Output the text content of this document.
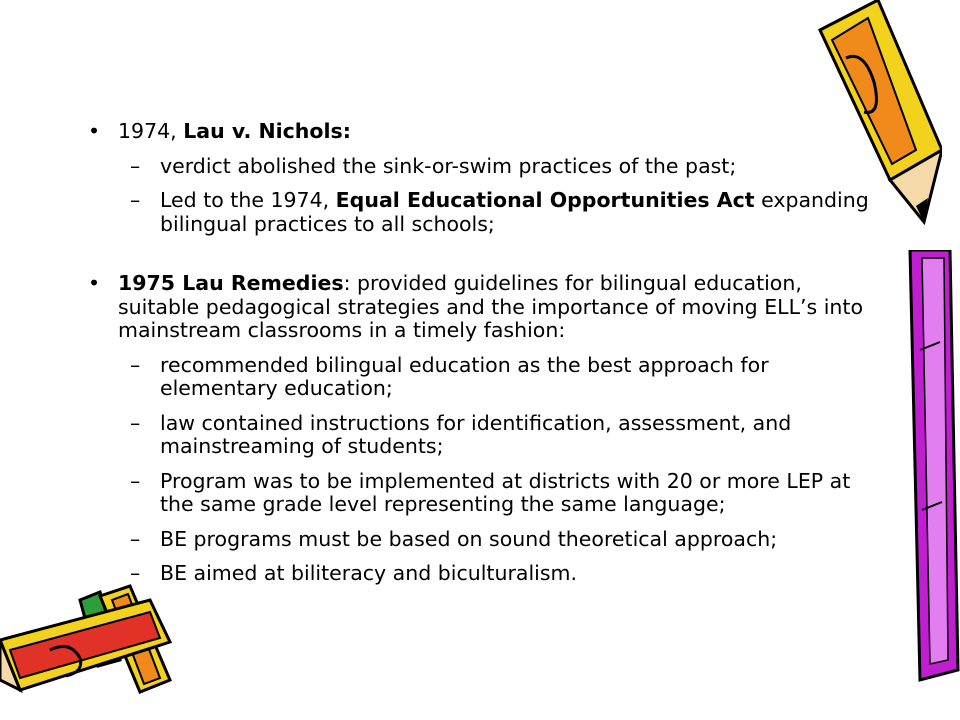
• 1974, Lau v. Nichols:
– verdict abolished the sink-or-swim practices of the past;
– Led to the 1974, Equal Educational Opportunities Act expanding bilingual practices to all schools;
• 1975 Lau Remedies: provided guidelines for bilingual education, suitable pedagogical strategies and the importance of moving ELL’s into mainstream classrooms in a timely fashion:
– recommended bilingual education as the best approach for elementary education;
– law contained instructions for identification, assessment, and mainstreaming of students;
– Program was to be implemented at districts with 20 or more LEP at the same grade level representing the same language;
– BE programs must be based on sound theoretical approach;
– BE aimed at biliteracy and biculturalism.
